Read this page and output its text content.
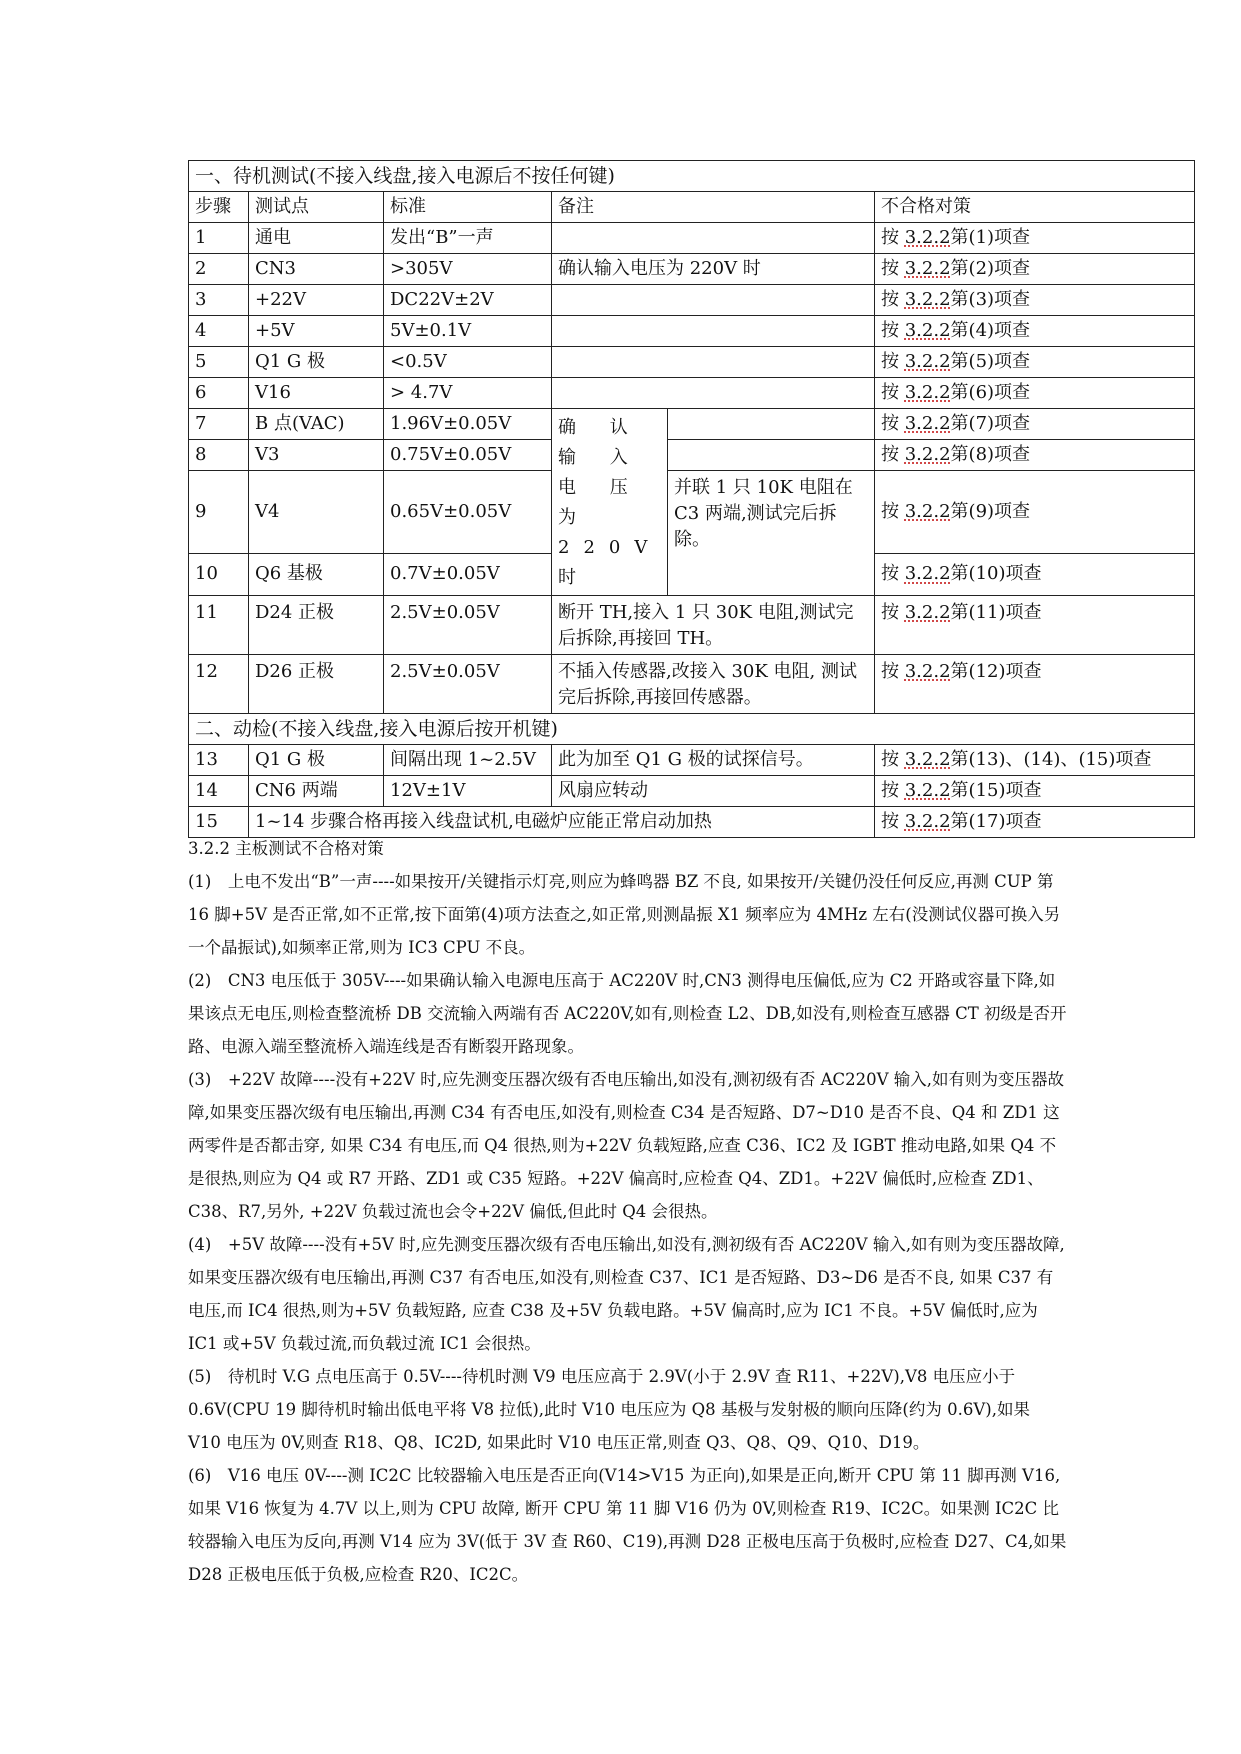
一、待机测试(不接入线盘,接入电源后不按任何键)					
步骤	测试点	标准	备注		不合格对策
1	通电	发出“B”一声			按 3.2.2第(1)项查
2	CN3	>305V	确认输入电压为 220V 时		按 3.2.2第(2)项查
3	+22V	DC22V±2V			按 3.2.2第(3)项查
4	+5V	5V±0.1V			按 3.2.2第(4)项查
5	Q1 G 极	<0.5V			按 3.2.2第(5)项查
6	V16	> 4.7V			按 3.2.2第(6)项查
7	B 点(VAC)	1.96V±0.05V	确 认 输 入 电 压 为 220V 时		按 3.2.2第(7)项查
8	V3	0.75V±0.05V			按 3.2.2第(8)项查
9	V4	0.65V±0.05V		并联 1 只 10K 电阻在 C3 两端,测试完后拆除。	按 3.2.2第(9)项查
10	Q6 基极	0.7V±0.05V			按 3.2.2第(10)项查
11	D24 正极	2.5V±0.05V	断开 TH,接入 1 只 30K 电阻,测试完后拆除,再接回 TH。		按 3.2.2第(11)项查
12	D26 正极	2.5V±0.05V	不插入传感器,改接入 30K 电阻, 测试完后拆除,再接回传感器。		按 3.2.2第(12)项查
二、动检(不接入线盘,接入电源后按开机键)					
13	Q1 G 极	间隔出现 1~2.5V	此为加至 Q1 G 极的试探信号。		按 3.2.2第(13)、(14)、(15)项查
14	CN6 两端	12V±1V	风扇应转动		按 3.2.2第(15)项查
15	1~14 步骤合格再接入线盘试机,电磁炉应能正常启动加热				按 3.2.2第(17)项查

3.2.2 主板测试不合格对策

(1)　上电不发出“B”一声----如果按开/关键指示灯亮,则应为蜂鸣器 BZ 不良, 如果按开/关键仍没任何反应,再测 CUP 第 16 脚+5V 是否正常,如不正常,按下面第(4)项方法查之,如正常,则测晶振 X1 频率应为 4MHz 左右(没测试仪器可换入另一个晶振试),如频率正常,则为 IC3 CPU 不良。

(2)　CN3 电压低于 305V----如果确认输入电源电压高于 AC220V 时,CN3 测得电压偏低,应为 C2 开路或容量下降,如果该点无电压,则检查整流桥 DB 交流输入两端有否 AC220V,如有,则检查 L2、DB,如没有,则检查互感器 CT 初级是否开路、电源入端至整流桥入端连线是否有断裂开路现象。

(3)　+22V 故障----没有+22V 时,应先测变压器次级有否电压输出,如没有,测初级有否 AC220V 输入,如有则为变压器故障,如果变压器次级有电压输出,再测 C34 有否电压,如没有,则检查 C34 是否短路、D7~D10 是否不良、Q4 和 ZD1 这两零件是否都击穿, 如果 C34 有电压,而 Q4 很热,则为+22V 负载短路,应查 C36、IC2 及 IGBT 推动电路,如果 Q4 不是很热,则应为 Q4 或 R7 开路、ZD1 或 C35 短路。+22V 偏高时,应检查 Q4、ZD1。+22V 偏低时,应检查 ZD1、C38、R7,另外, +22V 负载过流也会令+22V 偏低,但此时 Q4 会很热。

(4)　+5V 故障----没有+5V 时,应先测变压器次级有否电压输出,如没有,测初级有否 AC220V 输入,如有则为变压器故障, 如果变压器次级有电压输出,再测 C37 有否电压,如没有,则检查 C37、IC1 是否短路、D3~D6 是否不良, 如果 C37 有电压,而 IC4 很热,则为+5V 负载短路, 应查 C38 及+5V 负载电路。+5V 偏高时,应为 IC1 不良。+5V 偏低时,应为 IC1 或+5V 负载过流,而负载过流 IC1 会很热。

(5)　待机时 V.G 点电压高于 0.5V----待机时测 V9 电压应高于 2.9V(小于 2.9V 查 R11、+22V),V8 电压应小于 0.6V(CPU 19 脚待机时输出低电平将 V8 拉低),此时 V10 电压应为 Q8 基极与发射极的顺向压降(约为 0.6V),如果 V10 电压为 0V,则查 R18、Q8、IC2D, 如果此时 V10 电压正常,则查 Q3、Q8、Q9、Q10、D19。

(6)　V16 电压 0V----测 IC2C 比较器输入电压是否正向(V14>V15 为正向),如果是正向,断开 CPU 第 11 脚再测 V16,如果 V16 恢复为 4.7V 以上,则为 CPU 故障, 断开 CPU 第 11 脚 V16 仍为 0V,则检查 R19、IC2C。如果测 IC2C 比较器输入电压为反向,再测 V14 应为 3V(低于 3V 查 R60、C19),再测 D28 正极电压高于负极时,应检查 D27、C4,如果 D28 正极电压低于负极,应检查 R20、IC2C。
